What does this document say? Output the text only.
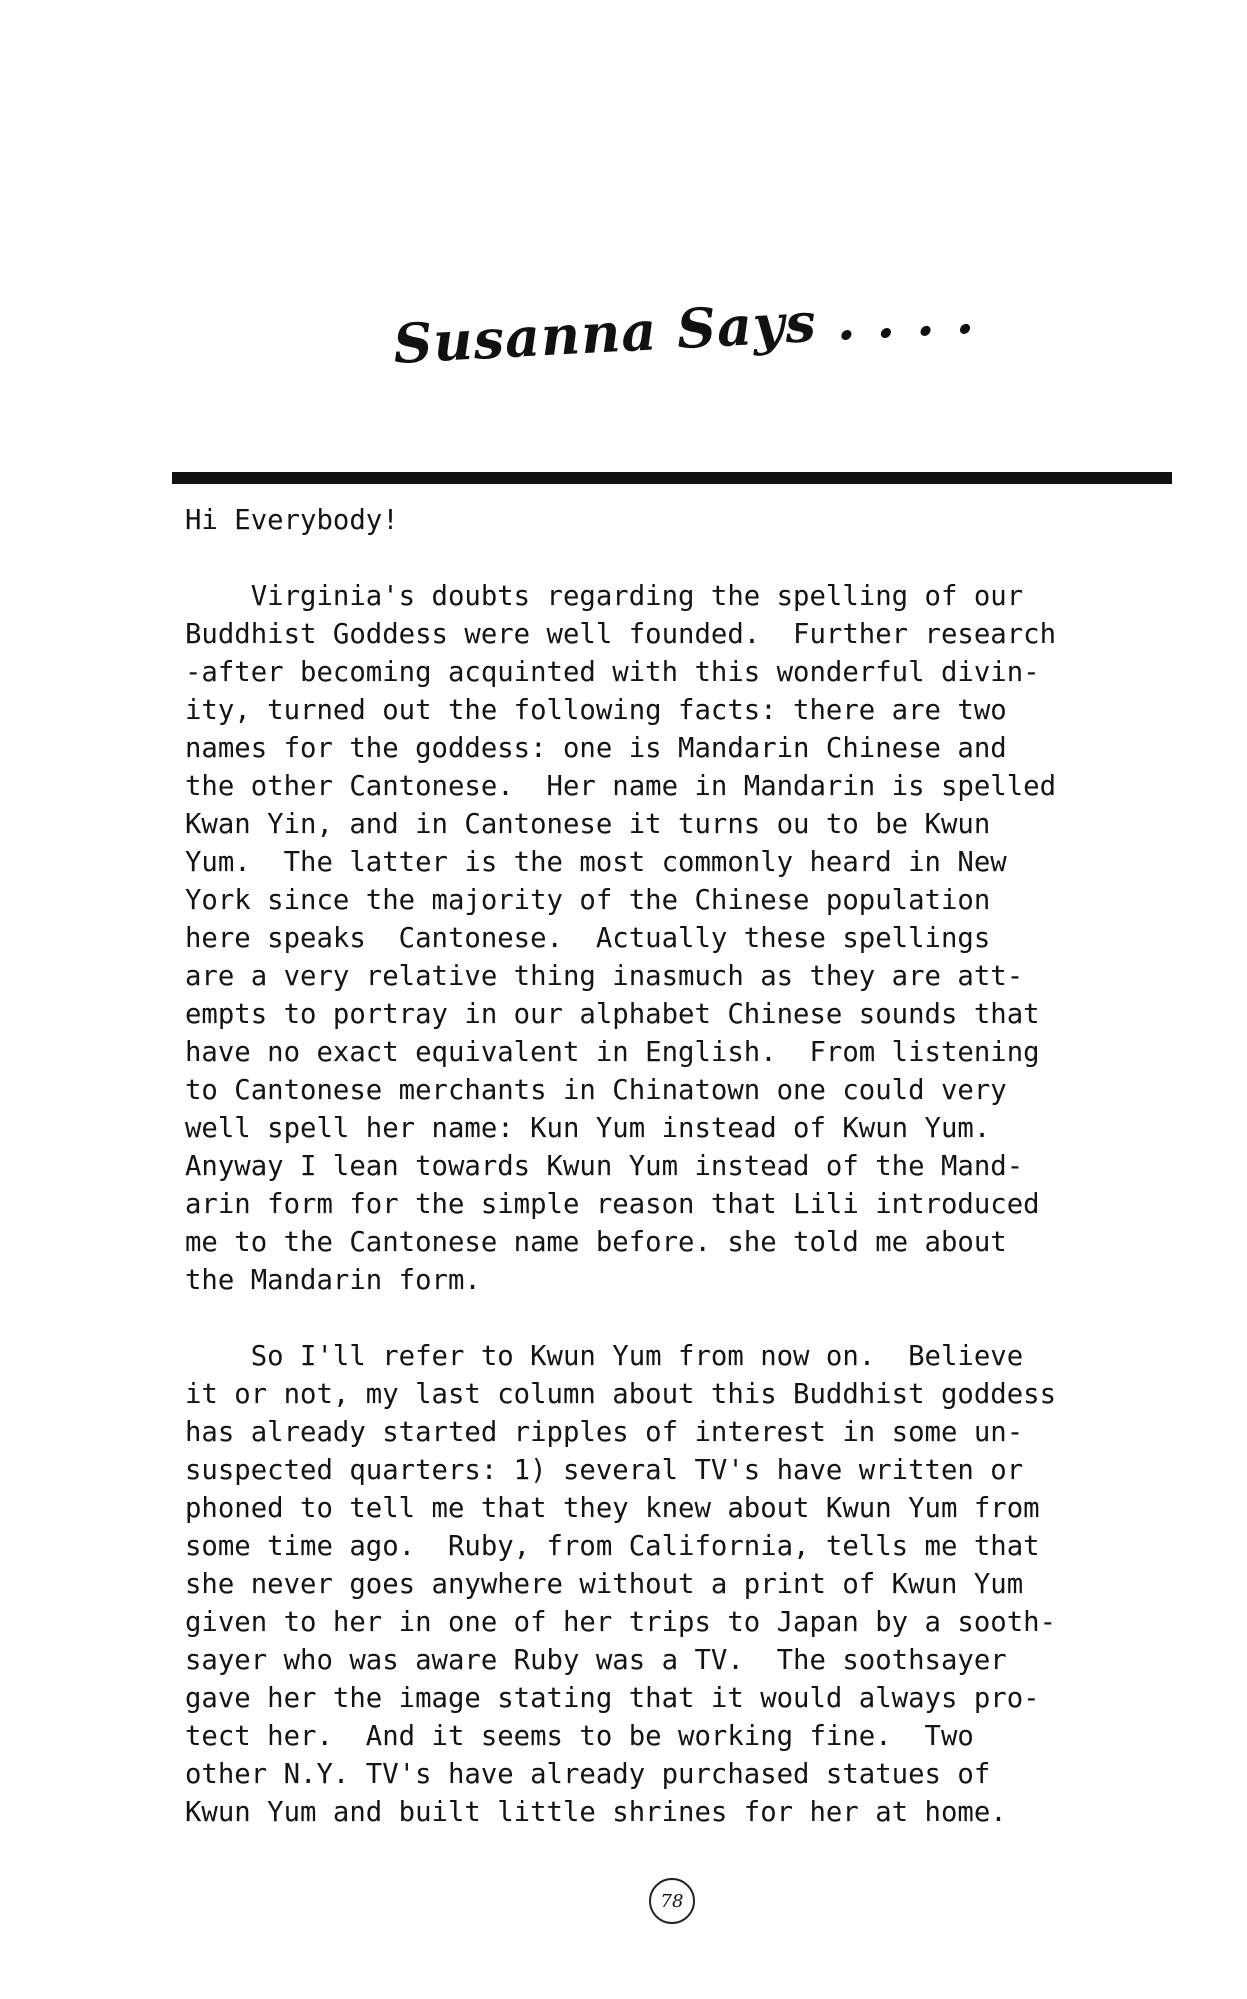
Susanna Says . . . .
Hi Everybody!
Virginia's doubts regarding the spelling of our
Buddhist Goddess were well founded.  Further research
-after becoming acquinted with this wonderful divin-
ity, turned out the following facts: there are two
names for the goddess: one is Mandarin Chinese and
the other Cantonese.  Her name in Mandarin is spelled
Kwan Yin, and in Cantonese it turns ou to be Kwun
Yum.  The latter is the most commonly heard in New
York since the majority of the Chinese population
here speaks  Cantonese.  Actually these spellings
are a very relative thing inasmuch as they are att-
empts to portray in our alphabet Chinese sounds that
have no exact equivalent in English.  From listening
to Cantonese merchants in Chinatown one could very
well spell her name: Kun Yum instead of Kwun Yum.
Anyway I lean towards Kwun Yum instead of the Mand-
arin form for the simple reason that Lili introduced
me to the Cantonese name before. she told me about
the Mandarin form.
So I'll refer to Kwun Yum from now on.  Believe
it or not, my last column about this Buddhist goddess
has already started ripples of interest in some un-
suspected quarters: 1) several TV's have written or
phoned to tell me that they knew about Kwun Yum from
some time ago.  Ruby, from California, tells me that
she never goes anywhere without a print of Kwun Yum
given to her in one of her trips to Japan by a sooth-
sayer who was aware Ruby was a TV.  The soothsayer
gave her the image stating that it would always pro-
tect her.  And it seems to be working fine.  Two
other N.Y. TV's have already purchased statues of
Kwun Yum and built little shrines for her at home.
78
